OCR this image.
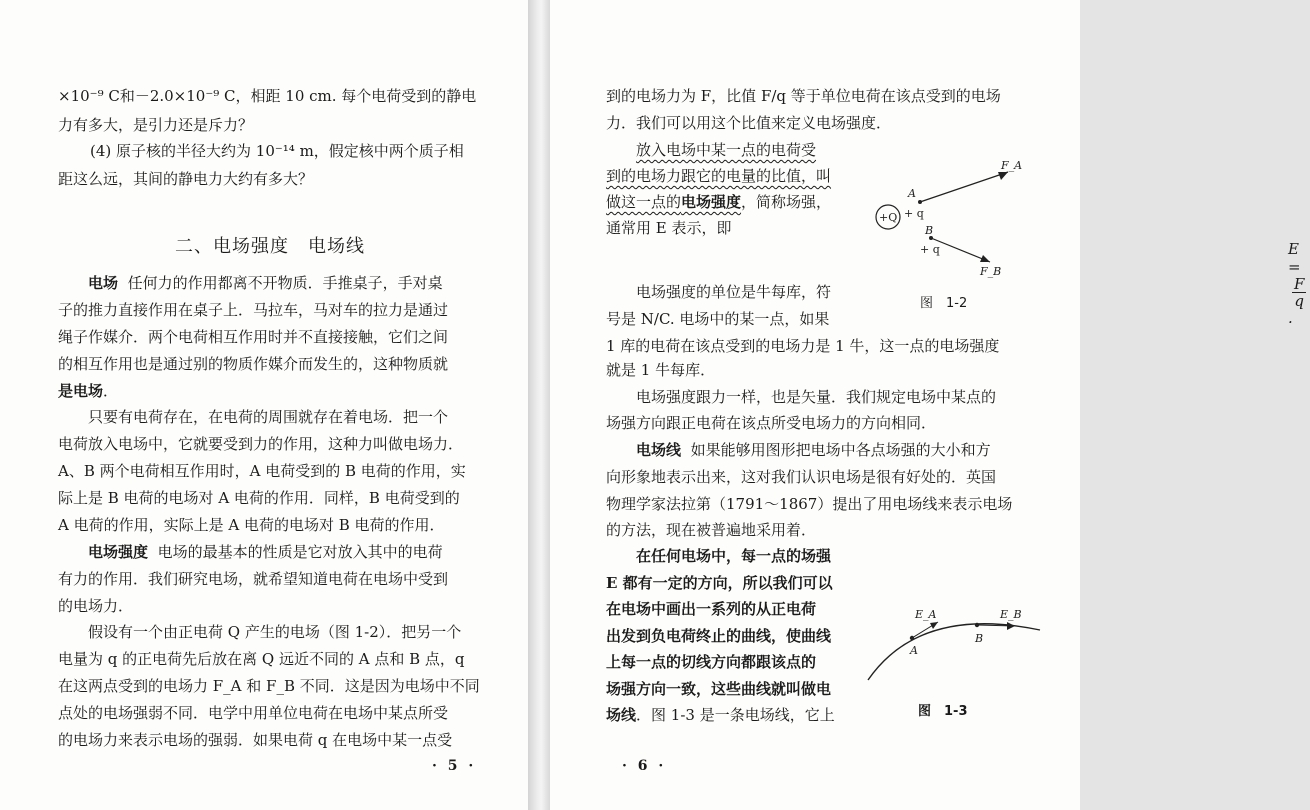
×10⁻⁹ C和－2.0×10⁻⁹ C，相距 10 cm. 每个电荷受到的静电
力有多大，是引力还是斥力？
(4) 原子核的半径大约为 10⁻¹⁴ m，假定核中两个质子相
距这么远，其间的静电力大约有多大？
二、电场强度　电场线
电场 任何力的作用都离不开物质．手推桌子，手对桌
子的推力直接作用在桌子上．马拉车，马对车的拉力是通过
绳子作媒介．两个电荷相互作用时并不直接接触，它们之间
的相互作用也是通过别的物质作媒介而发生的，这种物质就
是电场．
只要有电荷存在，在电荷的周围就存在着电场．把一个
电荷放入电场中，它就要受到力的作用，这种力叫做电场力．
A、B 两个电荷相互作用时，A 电荷受到的 B 电荷的作用，实
际上是 B 电荷的电场对 A 电荷的作用．同样，B 电荷受到的
A 电荷的作用，实际上是 A 电荷的电场对 B 电荷的作用．
电场强度 电场的最基本的性质是它对放入其中的电荷
有力的作用．我们研究电场，就希望知道电荷在电场中受到
的电场力．
假设有一个由正电荷 Q 产生的电场（图 1-2）．把另一个
电量为 q 的正电荷先后放在离 Q 远近不同的 A 点和 B 点，q
在这两点受到的电场力 F_A 和 F_B 不同．这是因为电场中不同
点处的电场强弱不同．电学中用单位电荷在电场中某点所受
的电场力来表示电场的强弱．如果电荷 q 在电场中某一点受
· 5 ·
到的电场力为 F，比值 F/q 等于单位电荷在该点受到的电场
力．我们可以用这个比值来定义电场强度．
放入电场中某一点的电荷受
到的电场力跟它的电量的比值，叫
做这一点的电场强度，简称场强，
通常用 E 表示，即
E =
$\frac{F}{q}$
.
电场强度的单位是牛每库，符
号是 N/C. 电场中的某一点，如果
1 库的电荷在该点受到的电场力是 1 牛，这一点的电场强度
就是 1 牛每库．
电场强度跟力一样，也是矢量．我们规定电场中某点的
场强方向跟正电荷在该点所受电场力的方向相同．
电场线 如果能够用图形把电场中各点场强的大小和方
向形象地表示出来，这对我们认识电场是很有好处的．英国
物理学家法拉第（1791～1867）提出了用电场线来表示电场
的方法，现在被普遍地采用着．
在任何电场中，每一点的场强
E 都有一定的方向，所以我们可以
在电场中画出一系列的从正电荷
出发到负电荷终止的曲线，使曲线
上每一点的切线方向都跟该点的
场强方向一致，这些曲线就叫做电
场线．图 1-3 是一条电场线，它上
+Q
A
+ q
F_A
B
+ q
F_B
图　1-2
A
B
E_A	E_B
图　1-3
· 6 ·
